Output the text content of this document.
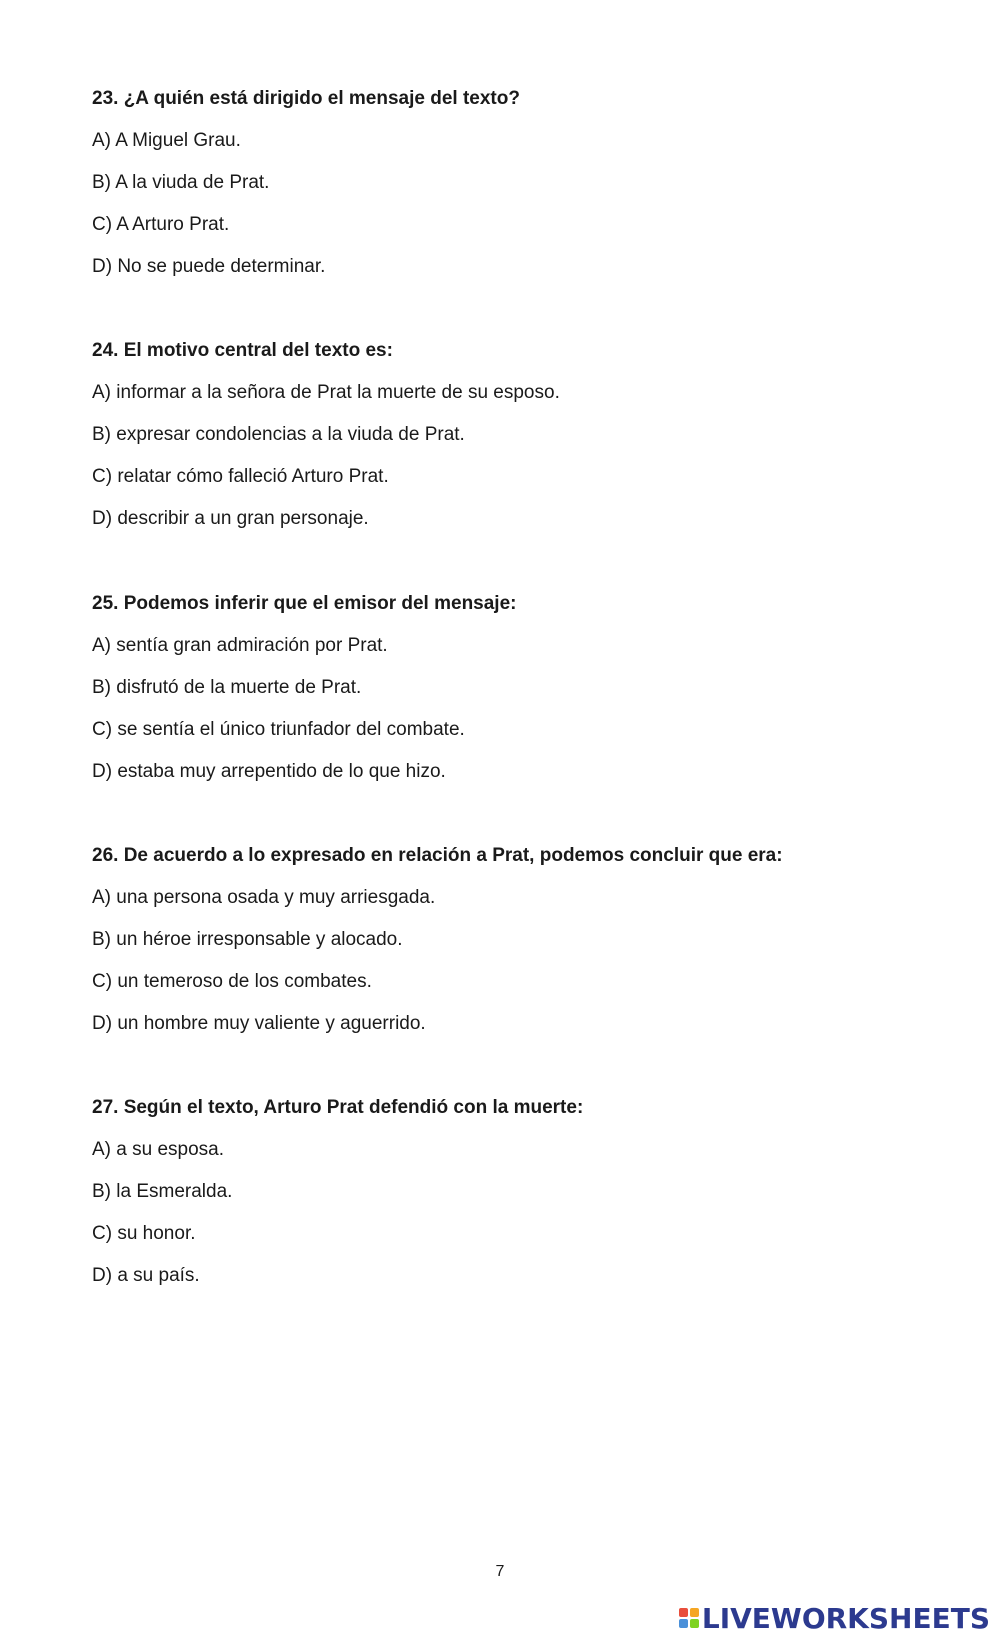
23. ¿A quién está dirigido el mensaje del texto?

A) A Miguel Grau.
B) A la viuda de Prat.
C) A Arturo Prat.
D) No se puede determinar.

24. El motivo central del texto es:

A) informar a la señora de Prat la muerte de su esposo.
B) expresar condolencias a la viuda de Prat.
C) relatar cómo falleció Arturo Prat.
D) describir a un gran personaje.

25. Podemos inferir que el emisor del mensaje:

A) sentía gran admiración por Prat.
B) disfrutó de la muerte de Prat.
C) se sentía el único triunfador del combate.
D) estaba muy arrepentido de lo que hizo.

26. De acuerdo a lo expresado en relación a Prat, podemos concluir que era:

A) una persona osada y muy arriesgada.
B) un héroe irresponsable y alocado.
C) un temeroso de los combates.
D) un hombre muy valiente y aguerrido.

27. Según el texto, Arturo Prat defendió con la muerte:

A) a su esposa.
B) la Esmeralda.
C) su honor.
D) a su país.
7
LIVEWORKSHEETS
